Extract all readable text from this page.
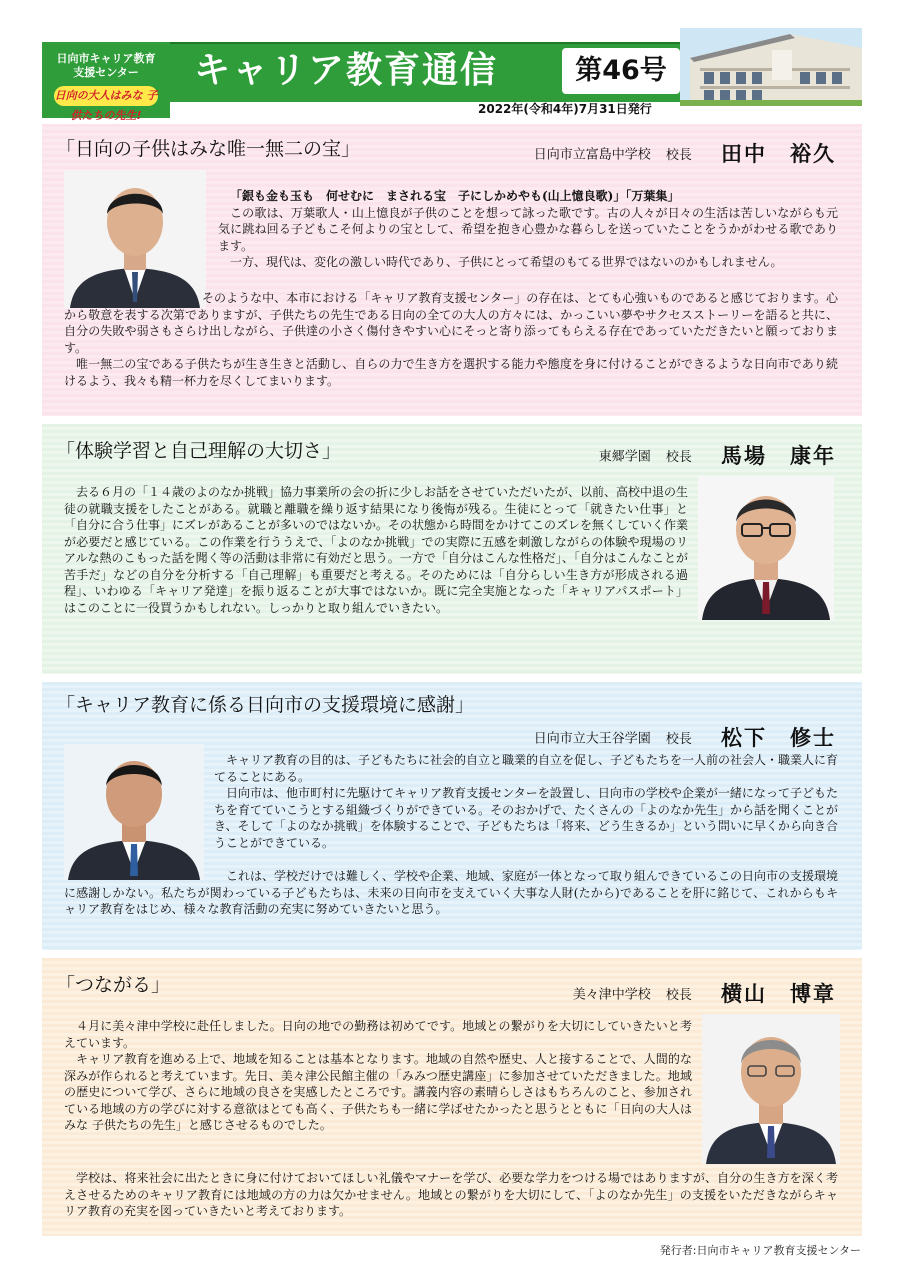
日向市キャリア教育
支援センター
日向の大人はみな 子供たちの先生!
キャリア教育通信	第46号
2022年(令和4年)7月31日発行
「日向の子供はみな唯一無二の宝」	日向市立富島中学校 校長 田中　裕久
「銀も金も玉も　何せむに　まされる宝　子にしかめやも(山上憶良歌)」「万葉集」

この歌は、万葉歌人・山上憶良が子供のことを想って詠った歌です。古の人々が日々の生活は苦しいながらも元気に跳ね回る子どもこそ何よりの宝として、希望を抱き心豊かな暮らしを送っていたことをうかがわせる歌であります。

一方、現代は、変化の激しい時代であり、子供にとって希望のもてる世界ではないのかもしれません。

そのような中、本市における「キャリア教育支援センター」の存在は、とても心強いものであると感じております。心から敬意を表する次第でありますが、子供たちの先生である日向の全ての大人の方々には、かっこいい夢やサクセスストーリーを語ると共に、自分の失敗や弱さもさらけ出しながら、子供達の小さく傷付きやすい心にそっと寄り添ってもらえる存在であっていただきたいと願っております。

唯一無二の宝である子供たちが生き生きと活動し、自らの力で生き方を選択する能力や態度を身に付けることができるような日向市であり続けるよう、我々も精一杯力を尽くしてまいります。

「体験学習と自己理解の大切さ」	東郷学園 校長 馬場　康年

去る６月の「１４歳のよのなか挑戦」協力事業所の会の折に少しお話をさせていただいたが、以前、高校中退の生徒の就職支援をしたことがある。就職と離職を繰り返す結果になり後悔が残る。生徒にとって「就きたい仕事」と「自分に合う仕事」にズレがあることが多いのではないか。その状態から時間をかけてこのズレを無くしていく作業が必要だと感じている。この作業を行ううえで、「よのなか挑戦」での実際に五感を刺激しながらの体験や現場のリアルな熱のこもった話を聞く等の活動は非常に有効だと思う。一方で「自分はこんな性格だ」、「自分はこんなことが苦手だ」などの自分を分析する「自己理解」も重要だと考える。そのためには「自分らしい生き方が形成される過程」、いわゆる「キャリア発達」を振り返ることが大事ではないか。既に完全実施となった「キャリアパスポート」はこのことに一役買うかもしれない。しっかりと取り組んでいきたい。

「キャリア教育に係る日向市の支援環境に感謝」
日向市立大王谷学園 校長 松下　修士

キャリア教育の目的は、子どもたちに社会的自立と職業的自立を促し、子どもたちを一人前の社会人・職業人に育てることにある。

日向市は、他市町村に先駆けてキャリア教育支援センターを設置し、日向市の学校や企業が一緒になって子どもたちを育てていこうとする組織づくりができている。そのおかげで、たくさんの「よのなか先生」から話を聞くことがき、そして「よのなか挑戦」を体験することで、子どもたちは「将来、どう生きるか」という問いに早くから向き合うことができている。

これは、学校だけでは難しく、学校や企業、地域、家庭が一体となって取り組んできているこの日向市の支援環境に感謝しかない。私たちが関わっている子どもたちは、未来の日向市を支えていく大事な人財(たから)であることを肝に銘じて、これからもキャリア教育をはじめ、様々な教育活動の充実に努めていきたいと思う。

「つながる」	美々津中学校 校長 横山　博章

４月に美々津中学校に赴任しました。日向の地での勤務は初めてです。地域との繋がりを大切にしていきたいと考えています。

キャリア教育を進める上で、地域を知ることは基本となります。地域の自然や歴史、人と接することで、人間的な深みが作られると考えています。先日、美々津公民館主催の「みみつ歴史講座」に参加させていただきました。地域の歴史について学び、さらに地域の良さを実感したところです。講義内容の素晴らしさはもちろんのこと、参加されている地域の方の学びに対する意欲はとても高く、子供たちも一緒に学ばせたかったと思うとともに「日向の大人はみな 子供たちの先生」と感じさせるものでした。

学校は、将来社会に出たときに身に付けておいてほしい礼儀やマナーを学び、必要な学力をつける場ではありますが、自分の生き方を深く考えさせるためのキャリア教育には地域の方の力は欠かせません。地域との繋がりを大切にして、「よのなか先生」の支援をいただきながらキャリア教育の充実を図っていきたいと考えております。

発行者:日向市キャリア教育支援センター
